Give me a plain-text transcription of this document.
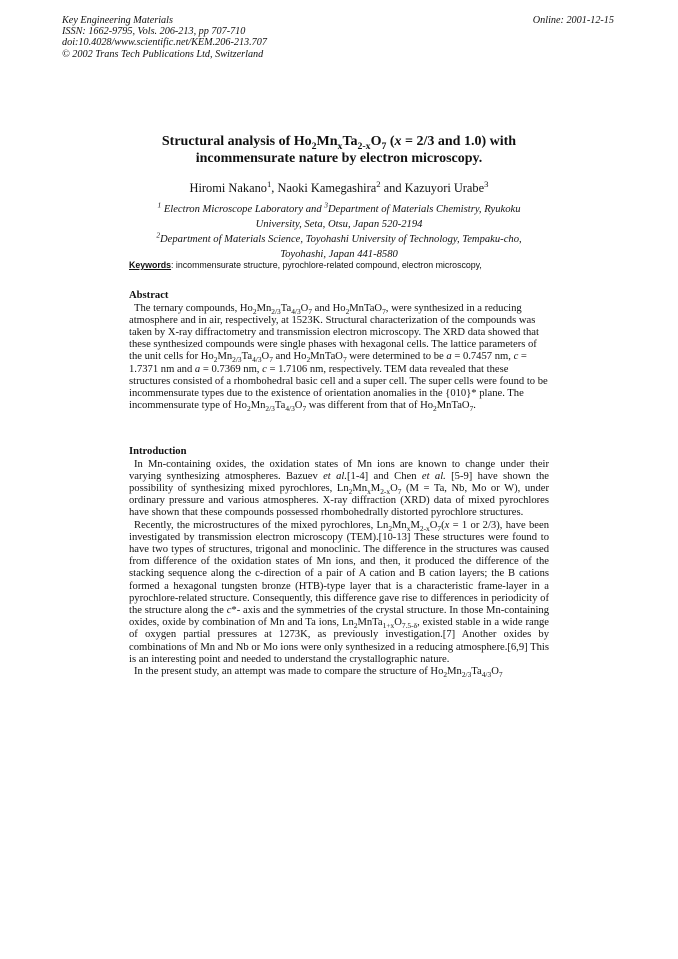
Key Engineering Materials
ISSN: 1662-9795, Vols. 206-213, pp 707-710
doi:10.4028/www.scientific.net/KEM.206-213.707
© 2002 Trans Tech Publications Ltd, Switzerland
Online: 2001-12-15
Structural analysis of $Ho_2Mn_xTa_{2-x}O_7$ (x = 2/3 and 1.0) with
incommensurate nature by electron microscopy.
Hiromi Nakano$^1$, Naoki Kamegashira$^2$ and Kazuyori Urabe$^3$
$^1$ Electron Microscope Laboratory and $^3$Department of Materials Chemistry, Ryukoku
University, Seta, Otsu, Japan 520-2194
$^2$Department of Materials Science, Toyohashi University of Technology, Tempaku-cho,
Toyohashi, Japan 441-8580
Keywords: incommensurate structure, pyrochlore-related compound, electron microscopy,
Abstract
The ternary compounds, $Ho_2Mn_{2/3}Ta_{4/3}O_7$ and $Ho_2MnTaO_7$, were synthesized in a reducing atmosphere and in air, respectively, at 1523K. Structural characterization of the compounds was taken by X-ray diffractometry and transmission electron microscopy. The XRD data showed that these synthesized compounds were single phases with hexagonal cells. The lattice parameters of the unit cells for $Ho_2Mn_{2/3}Ta_{4/3}O_7$ and $Ho_2MnTaO_7$ were determined to be a = 0.7457 nm, c = 1.7371 nm and a = 0.7369 nm, c = 1.7106 nm, respectively. TEM data revealed that these structures consisted of a rhombohedral basic cell and a super cell. The super cells were found to be incommensurate types due to the existence of orientation anomalies in the {010}* plane. The incommensurate type of $Ho_2Mn_{2/3}Ta_{4/3}O_7$ was different from that of $Ho_2MnTaO_7$.
Introduction
In Mn-containing oxides, the oxidation states of Mn ions are known to change under their varying synthesizing atmospheres. Bazuev et al.[1-4] and Chen et al. [5-9] have shown the possibility of synthesizing mixed pyrochlores, $Ln_2Mn_xM_{2-x}O_7$ (M = Ta, Nb, Mo or W), under ordinary pressure and various atmospheres. X-ray diffraction (XRD) data of mixed pyrochlores have shown that these compounds possessed rhombohedrally distorted pyrochlore structures.
Recently, the microstructures of the mixed pyrochlores, $Ln_2Mn_xM_{2-x}O_7(x = 1$ or 2/3), have been investigated by transmission electron microscopy (TEM).[10-13] These structures were found to have two types of structures, trigonal and monoclinic. The difference in the structures was caused from difference of the oxidation states of Mn ions, and then, it produced the difference of the stacking sequence along the c-direction of a pair of A cation and B cation layers; the B cations formed a hexagonal tungsten bronze (HTB)-type layer that is a characteristic frame-layer in a pyrochlore-related structure. Consequently, this difference gave rise to differences in periodicity of the structure along the c*- axis and the symmetries of the crystal structure. In those Mn-containing oxides, oxide by combination of Mn and Ta ions, $Ln_2MnTa_{1+x}O_{7.5-\delta}$, existed stable in a wide range of oxygen partial pressures at 1273K, as previously investigation.[7] Another oxides by combinations of Mn and Nb or Mo ions were only synthesized in a reducing atmosphere.[6,9] This is an interesting point and needed to understand the crystallographic nature.
In the present study, an attempt was made to compare the structure of $Ho_2Mn_{2/3}Ta_{4/3}O_7$
